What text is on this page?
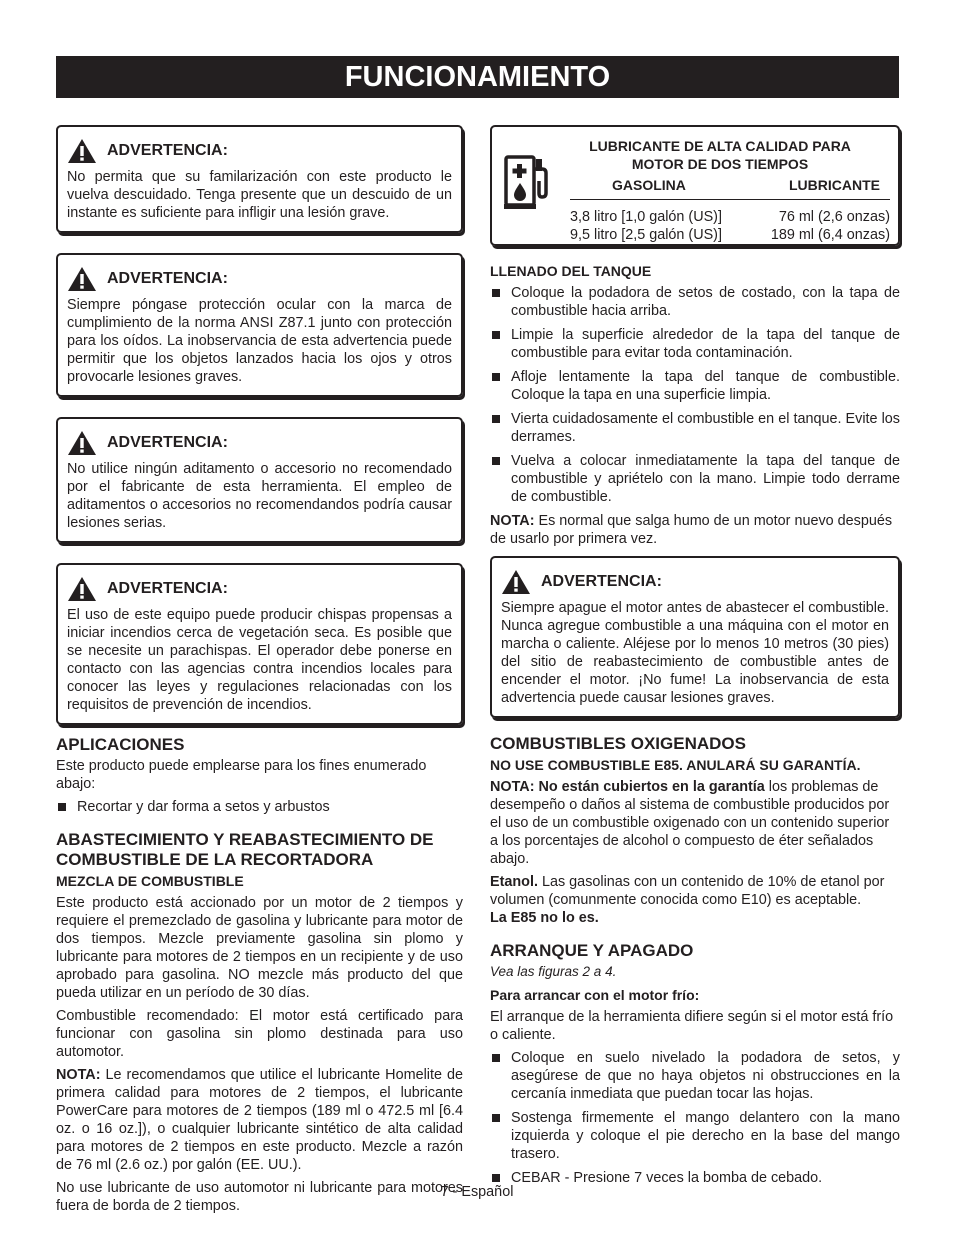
FUNCIONAMIENTO
ADVERTENCIA:
No permita que su familarización con este producto le vuelva descuidado. Tenga presente que un descuido de un instante es suficiente para infligir una lesión grave.
ADVERTENCIA:
Siempre póngase protección ocular con la marca de cumplimiento de la norma ANSI Z87.1 junto con protección para los oídos. La inobservancia de esta advertencia puede permitir que los objetos lanzados hacia los ojos y otros provocarle lesiones graves.
ADVERTENCIA:
No utilice ningún aditamento o accesorio no recomendado por el fabricante de esta herramienta. El empleo de aditamentos o accesorios no recomendandos podría causar lesiones serias.
ADVERTENCIA:
El uso de este equipo puede producir chispas propensas a iniciar incendios cerca de vegetación seca. Es posible que se necesite un parachispas. El operador debe ponerse en contacto con las agencias contra incendios locales para conocer las leyes y regulaciones relacionadas con los requisitos de prevención de incendios.
APLICACIONES

Este producto puede emplearse para los fines enumerado abajo:

Recortar y dar forma a setos y arbustos
ABASTECIMIENTO Y REABASTECIMIENTO DE COMBUSTIBLE DE LA RECORTADORA
MEZCLA DE COMBUSTIBLE

Este producto está accionado por un motor de 2 tiempos y requiere el premezclado de gasolina y lubricante para motor de dos tiempos. Mezcle previamente gasolina sin plomo y lubricante para motores de 2 tiempos en un recipiente y de uso aprobado para gasolina. NO mezcle más producto del que pueda utilizar en un período de 30 días.

Combustible recomendado: El motor está certificado para funcionar con gasolina sin plomo destinada para uso automotor.

NOTA: Le recomendamos que utilice el lubricante Homelite de primera calidad para motores de 2 tiempos, el lubricante PowerCare para motores de 2 tiempos (189 ml o 472.5 ml [6.4 oz. o 16 oz.]), o cualquier lubricante sintético de alta calidad para motores de 2 tiempos en este producto. Mezcle a razón de 76 ml (2.6 oz.) por galón (EE. UU.).

No use lubricante de uso automotor ni lubricante para motores fuera de borda de 2 tiempos.

LUBRICANTE DE ALTA CALIDAD PARA MOTOR DE DOS TIEMPOS
GASOLINA	LUBRICANTE
3,8 litro [1,0 galón (US)]	76 ml (2,6 onzas)
9,5 litro [2,5 galón (US)]	189 ml (6,4 onzas)
LLENADO DEL TANQUE
Coloque la podadora de setos de costado, con la tapa de combustible hacia arriba.
Limpie la superficie alrededor de la tapa del tanque de combustible para evitar toda contaminación.
Afloje lentamente la tapa del tanque de combustible. Coloque la tapa en una superficie limpia.
Vierta cuidadosamente el combustible en el tanque. Evite los derrames.
Vuelva a colocar inmediatamente la tapa del tanque de combustible y apriételo con la mano. Limpie todo derrame de combustible.

NOTA: Es normal que salga humo de un motor nuevo después de usarlo por primera vez.

ADVERTENCIA:
Siempre apague el motor antes de abastecer el combustible. Nunca agregue combustible a una máquina con el motor en marcha o caliente. Aléjese por lo menos 10 metros (30 pies) del sitio de reabastecimiento de combustible antes de encender el motor. ¡No fume! La inobservancia de esta advertencia puede causar lesiones graves.
COMBUSTIBLES OXIGENADOS
NO USE COMBUSTIBLE E85. ANULARÁ SU GARANTÍA.

NOTA: No están cubiertos en la garantía los problemas de desempeño o daños al sistema de combustible producidos por el uso de un combustible oxigenado con un contenido superior a los porcentajes de alcohol o compuesto de éter señalados abajo.

Etanol. Las gasolinas con un contenido de 10% de etanol por volumen (comunmente conocida como E10) es aceptable.
La E85 no lo es.

ARRANQUE Y APAGADO

Vea las figuras 2 a 4.

Para arrancar con el motor frío:

El arranque de la herramienta difiere según si el motor está frío o caliente.

Coloque en suelo nivelado la podadora de setos, y asegúrese de que no haya objetos ni obstrucciones en la cercanía inmediata que puedan tocar las hojas.
Sostenga firmemente el mango delantero con la mano izquierda y coloque el pie derecho en la base del mango trasero.
CEBAR - Presione 7 veces la bomba de cebado.
7 - Español
